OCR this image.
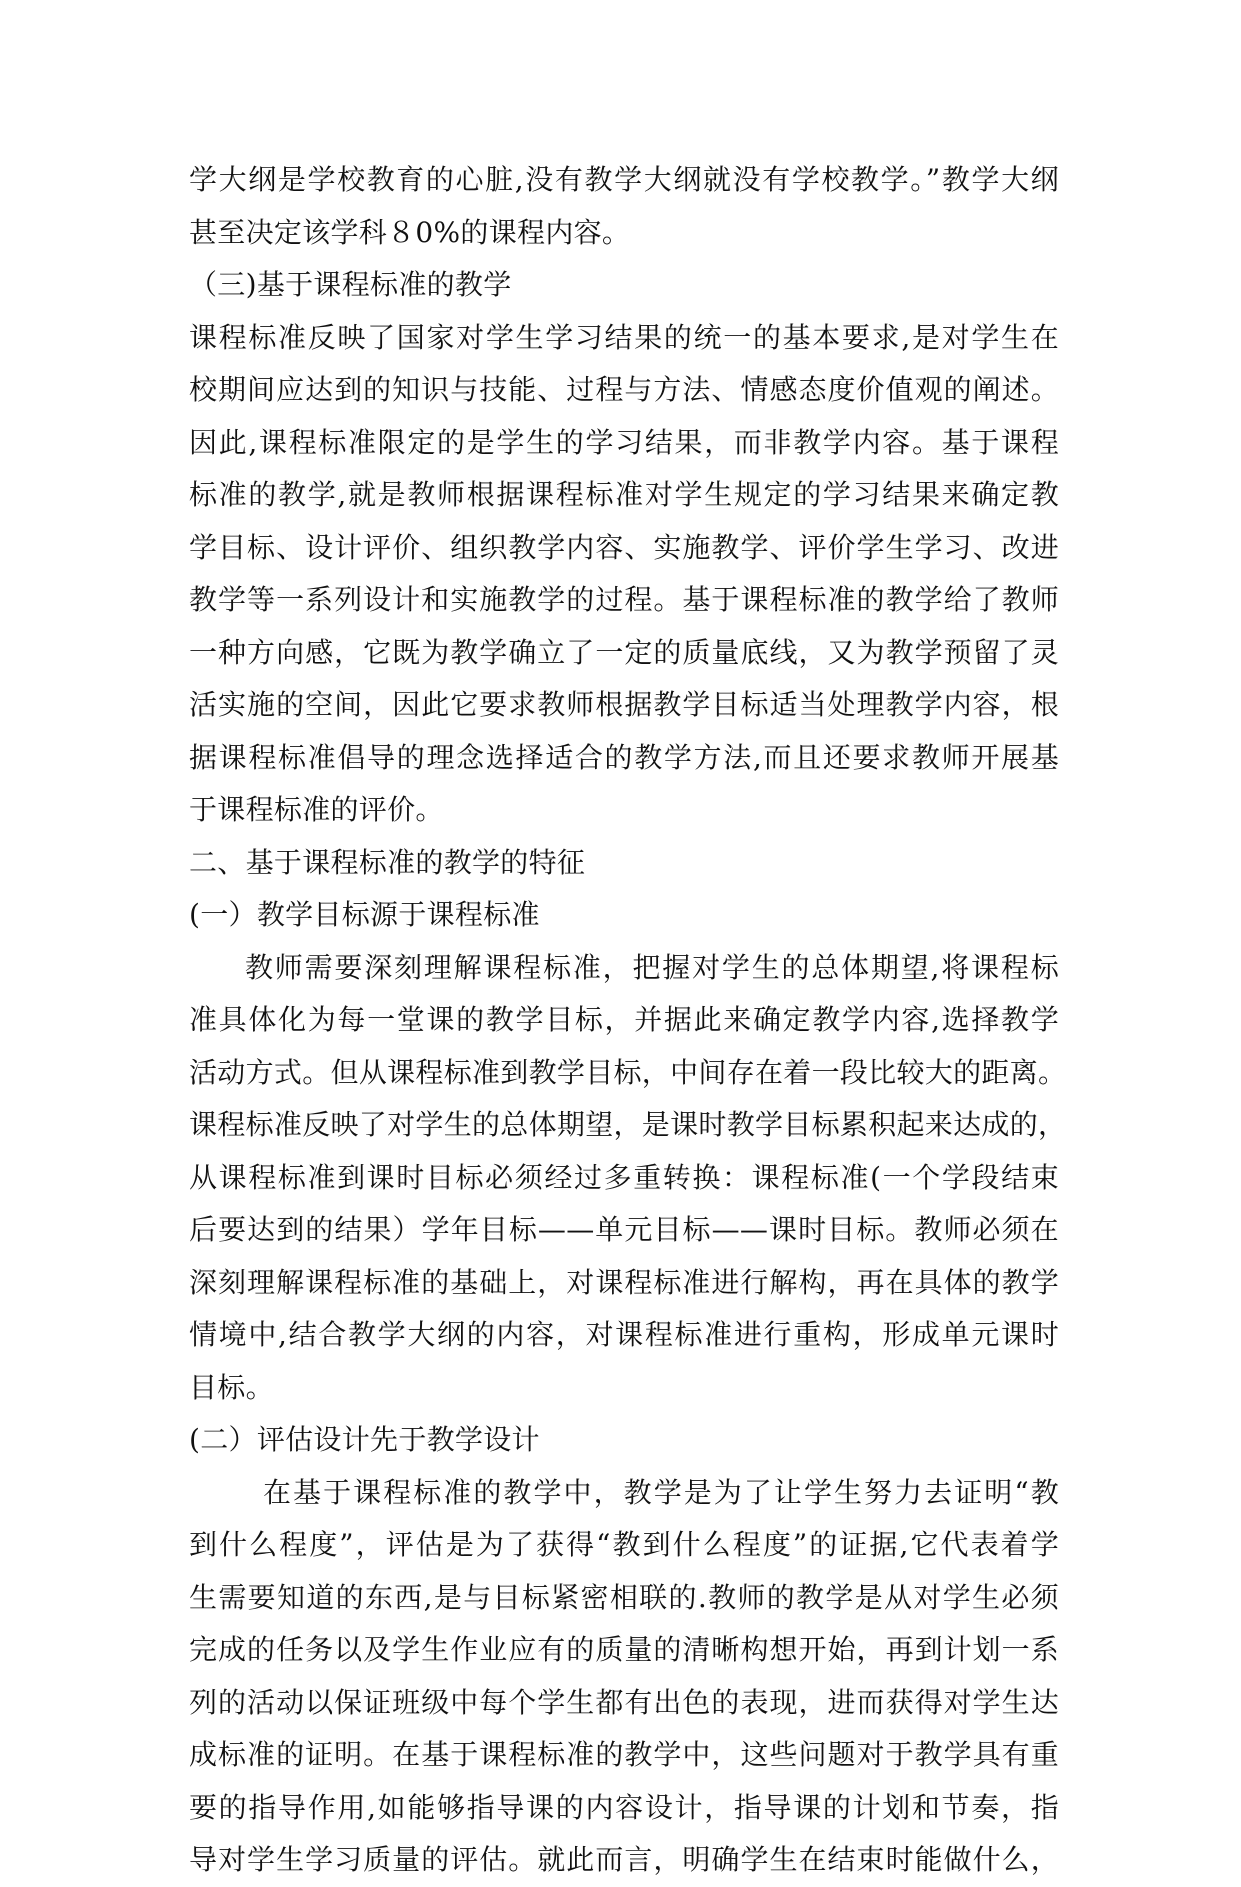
学大纲是学校教育的心脏,没有教学大纲就没有学校教学。”教学大纲
甚至决定该学科８0%的课程内容。
（三)基于课程标准的教学
课程标准反映了国家对学生学习结果的统一的基本要求,是对学生在
校期间应达到的知识与技能、过程与方法、情感态度价值观的阐述。
因此,课程标准限定的是学生的学习结果，而非教学内容。基于课程
标准的教学,就是教师根据课程标准对学生规定的学习结果来确定教
学目标、设计评价、组织教学内容、实施教学、评价学生学习、改进
教学等一系列设计和实施教学的过程。基于课程标准的教学给了教师
一种方向感，它既为教学确立了一定的质量底线，又为教学预留了灵
活实施的空间，因此它要求教师根据教学目标适当处理教学内容，根
据课程标准倡导的理念选择适合的教学方法,而且还要求教师开展基
于课程标准的评价。
二、基于课程标准的教学的特征
(一）教学目标源于课程标准
教师需要深刻理解课程标准，把握对学生的总体期望,将课程标
准具体化为每一堂课的教学目标，并据此来确定教学内容,选择教学
活动方式。但从课程标准到教学目标，中间存在着一段比较大的距离。
课程标准反映了对学生的总体期望，是课时教学目标累积起来达成的，
从课程标准到课时目标必须经过多重转换：课程标准(一个学段结束
后要达到的结果）学年目标——单元目标——课时目标。教师必须在
深刻理解课程标准的基础上，对课程标准进行解构，再在具体的教学
情境中,结合教学大纲的内容，对课程标准进行重构，形成单元课时
目标。
(二）评估设计先于教学设计
在基于课程标准的教学中，教学是为了让学生努力去证明“教
到什么程度”，评估是为了获得“教到什么程度”的证据,它代表着学
生需要知道的东西,是与目标紧密相联的.教师的教学是从对学生必须
完成的任务以及学生作业应有的质量的清晰构想开始，再到计划一系
列的活动以保证班级中每个学生都有出色的表现，进而获得对学生达
成标准的证明。在基于课程标准的教学中，这些问题对于教学具有重
要的指导作用,如能够指导课的内容设计，指导课的计划和节奏，指
导对学生学习质量的评估。就此而言，明确学生在结束时能做什么，
